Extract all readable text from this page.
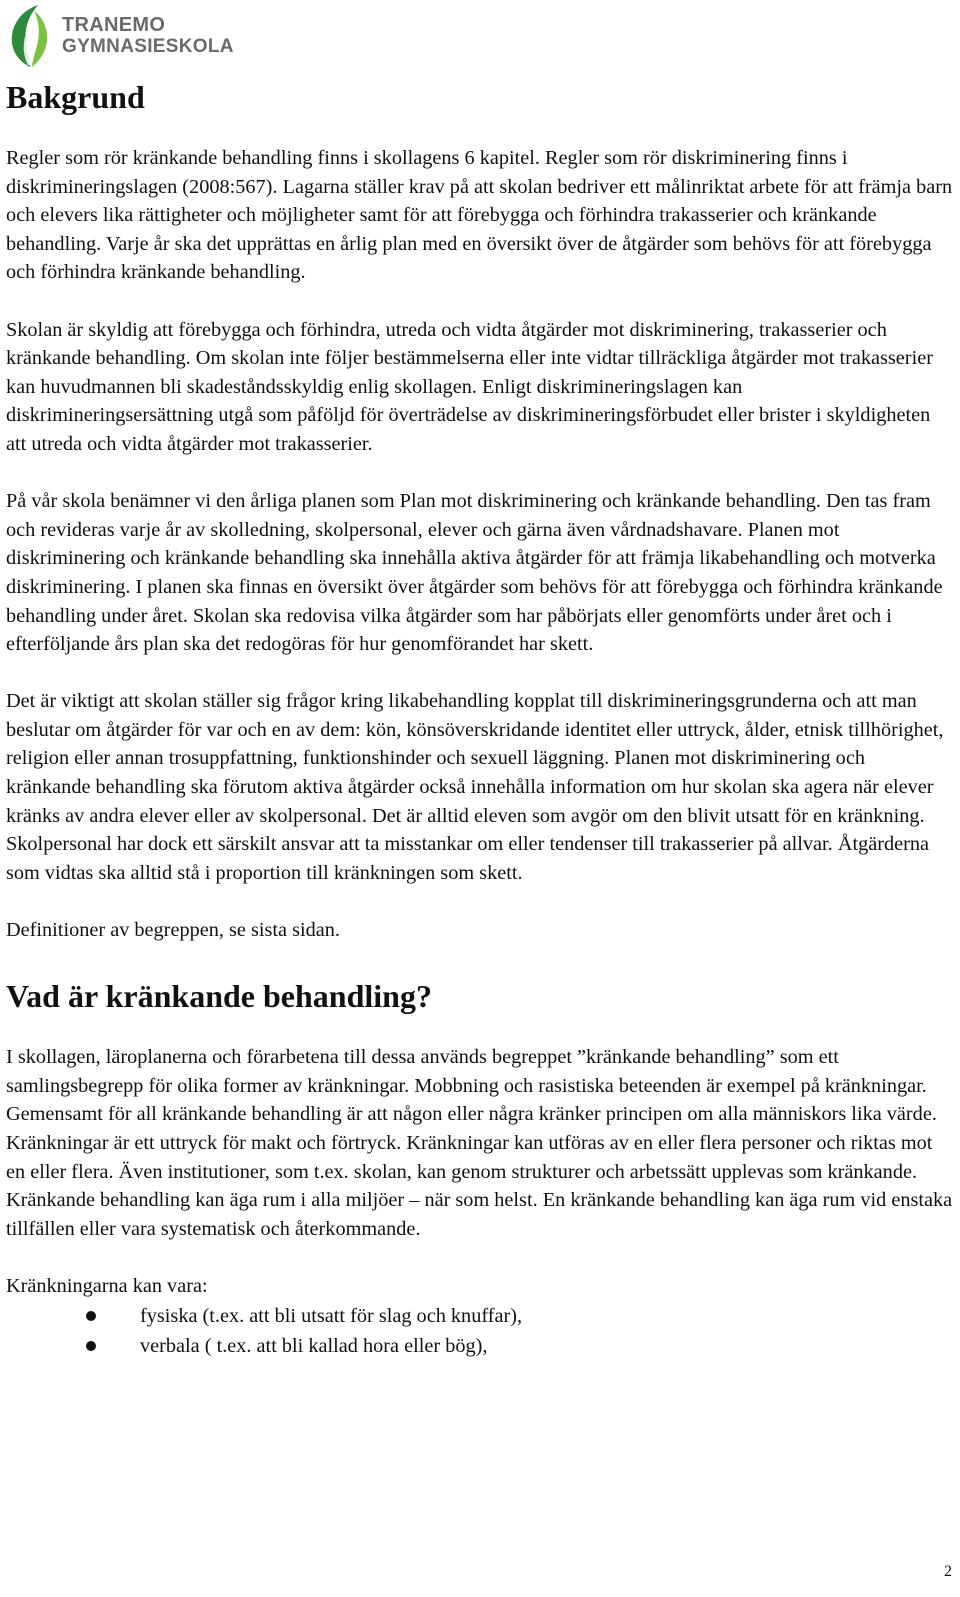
TRANEMO
GYMNASIESKOLA
Bakgrund

Regler som rör kränkande behandling finns i skollagens 6 kapitel. Regler som rör diskriminering finns i diskrimineringslagen (2008:567). Lagarna ställer krav på att skolan bedriver ett målinriktat arbete för att främja barn och elevers lika rättigheter och möjligheter samt för att förebygga och förhindra trakasserier och kränkande behandling. Varje år ska det upprättas en årlig plan med en översikt över de åtgärder som behövs för att förebygga och förhindra kränkande behandling.

Skolan är skyldig att förebygga och förhindra, utreda och vidta åtgärder mot diskriminering, trakasserier och kränkande behandling. Om skolan inte följer bestämmelserna eller inte vidtar tillräckliga åtgärder mot trakasserier kan huvudmannen bli skadeståndsskyldig enlig skollagen. Enligt diskrimineringslagen kan diskrimineringsersättning utgå som påföljd för överträdelse av diskrimineringsförbudet eller brister i skyldigheten att utreda och vidta åtgärder mot trakasserier.

På vår skola benämner vi den årliga planen som Plan mot diskriminering och kränkande behandling. Den tas fram och revideras varje år av skolledning, skolpersonal, elever och gärna även vårdnadshavare. Planen mot diskriminering och kränkande behandling ska innehålla aktiva åtgärder för att främja likabehandling och motverka diskriminering. I planen ska finnas en översikt över åtgärder som behövs för att förebygga och förhindra kränkande behandling under året. Skolan ska redovisa vilka åtgärder som har påbörjats eller genomförts under året och i efterföljande års plan ska det redogöras för hur genomförandet har skett.

Det är viktigt att skolan ställer sig frågor kring likabehandling kopplat till diskrimineringsgrunderna och att man beslutar om åtgärder för var och en av dem: kön, könsöverskridande identitet eller uttryck, ålder, etnisk tillhörighet, religion eller annan trosuppfattning, funktionshinder och sexuell läggning. Planen mot diskriminering och kränkande behandling ska förutom aktiva åtgärder också innehålla information om hur skolan ska agera när elever kränks av andra elever eller av skolpersonal. Det är alltid eleven som avgör om den blivit utsatt för en kränkning. Skolpersonal har dock ett särskilt ansvar att ta misstankar om eller tendenser till trakasserier på allvar. Åtgärderna som vidtas ska alltid stå i proportion till kränkningen som skett.

Definitioner av begreppen, se sista sidan.

Vad är kränkande behandling?

I skollagen, läroplanerna och förarbetena till dessa används begreppet ”kränkande behandling” som ett samlingsbegrepp för olika former av kränkningar. Mobbning och rasistiska beteenden är exempel på kränkningar. Gemensamt för all kränkande behandling är att någon eller några kränker principen om alla människors lika värde. Kränkningar är ett uttryck för makt och förtryck. Kränkningar kan utföras av en eller flera personer och riktas mot en eller flera. Även institutioner, som t.ex. skolan, kan genom strukturer och arbetssätt upplevas som kränkande. Kränkande behandling kan äga rum i alla miljöer – när som helst. En kränkande behandling kan äga rum vid enstaka tillfällen eller vara systematisk och återkommande.

Kränkningarna kan vara:

fysiska (t.ex. att bli utsatt för slag och knuffar),
verbala ( t.ex. att bli kallad hora eller bög),
2
